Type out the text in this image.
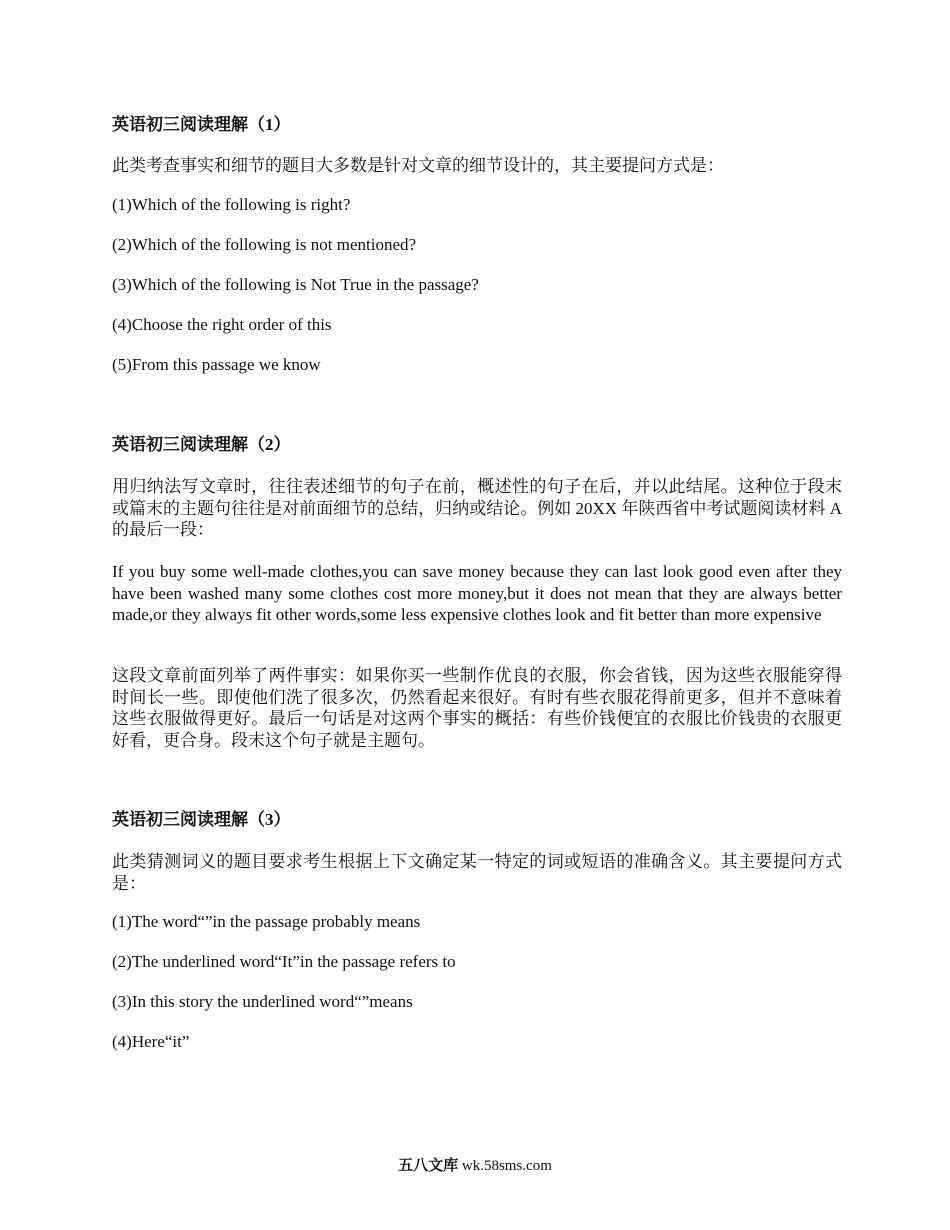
英语初三阅读理解（1）

此类考查事实和细节的题目大多数是针对文章的细节设计的，其主要提问方式是：

(1)Which of the following is right?

(2)Which of the following is not mentioned?

(3)Which of the following is Not True in the passage?

(4)Choose the right order of this

(5)From this passage we know

英语初三阅读理解（2）

用归纳法写文章时，往往表述细节的句子在前，概述性的句子在后，并以此结尾。这种位于段末或篇末的主题句往往是对前面细节的总结，归纳或结论。例如 20XX 年陕西省中考试题阅读材料 A 的最后一段：

If you buy some well-made clothes,you can save money because they can last look good even after they have been washed many some clothes cost more money,but it does not mean that they are always better made,or they always fit other words,some less expensive clothes look and fit better than more expensive

这段文章前面列举了两件事实：如果你买一些制作优良的衣服，你会省钱，因为这些衣服能穿得时间长一些。即使他们洗了很多次，仍然看起来很好。有时有些衣服花得前更多，但并不意味着这些衣服做得更好。最后一句话是对这两个事实的概括：有些价钱便宜的衣服比价钱贵的衣服更好看，更合身。段末这个句子就是主题句。

英语初三阅读理解（3）

此类猜测词义的题目要求考生根据上下文确定某一特定的词或短语的准确含义。其主要提问方式是：

(1)The word“”in the passage probably means

(2)The underlined word“It”in the passage refers to

(3)In this story the underlined word“”means

(4)Here“it”

五八文库 wk.58sms.com
